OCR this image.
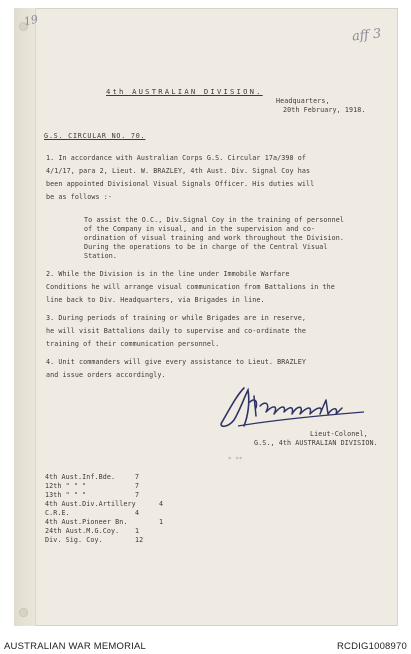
19
aff 3
4th AUSTRALIAN DIVISION.
Headquarters,
20th February, 1918.
G.S. CIRCULAR NO. 70.
1. In accordance with Australian Corps G.S. Circular 17a/398 of
4/1/17, para 2, Lieut. W. BRAZLEY, 4th Aust. Div. Signal Coy has
been appointed Divisional Visual Signals Officer. His duties will
be as follows :-
To assist the O.C., Div.Signal Coy in the training of personnel
of the Company in visual, and in the supervision and co-
ordination of visual training and work throughout the Division.
During the operations to be in charge of the Central Visual
Station.
2. While the Division is in the line under Immobile Warfare
Conditions he will arrange visual communication from Battalions in the
line back to Div. Headquarters, via Brigades in line.
3. During periods of training or while Brigades are in reserve,
he will visit Battalions daily to supervise and co-ordinate the
training of their communication personnel.
4. Unit commanders will give every assistance to Lieut. BRAZLEY
and issue orders accordingly.
Lieut-Colonel,
G.S., 4th AUSTRALIAN DIVISION.
* **
4th Aust.Inf.Bde.	7
12th " " "	7
13th " " "	7
4th Aust.Div.Artillery	4
C.R.E.	4
4th Aust.Pioneer Bn.	1
24th Aust.M.G.Coy. 1
Div. Sig. Coy.	12
AUSTRALIAN WAR MEMORIAL	RCDIG1008970
